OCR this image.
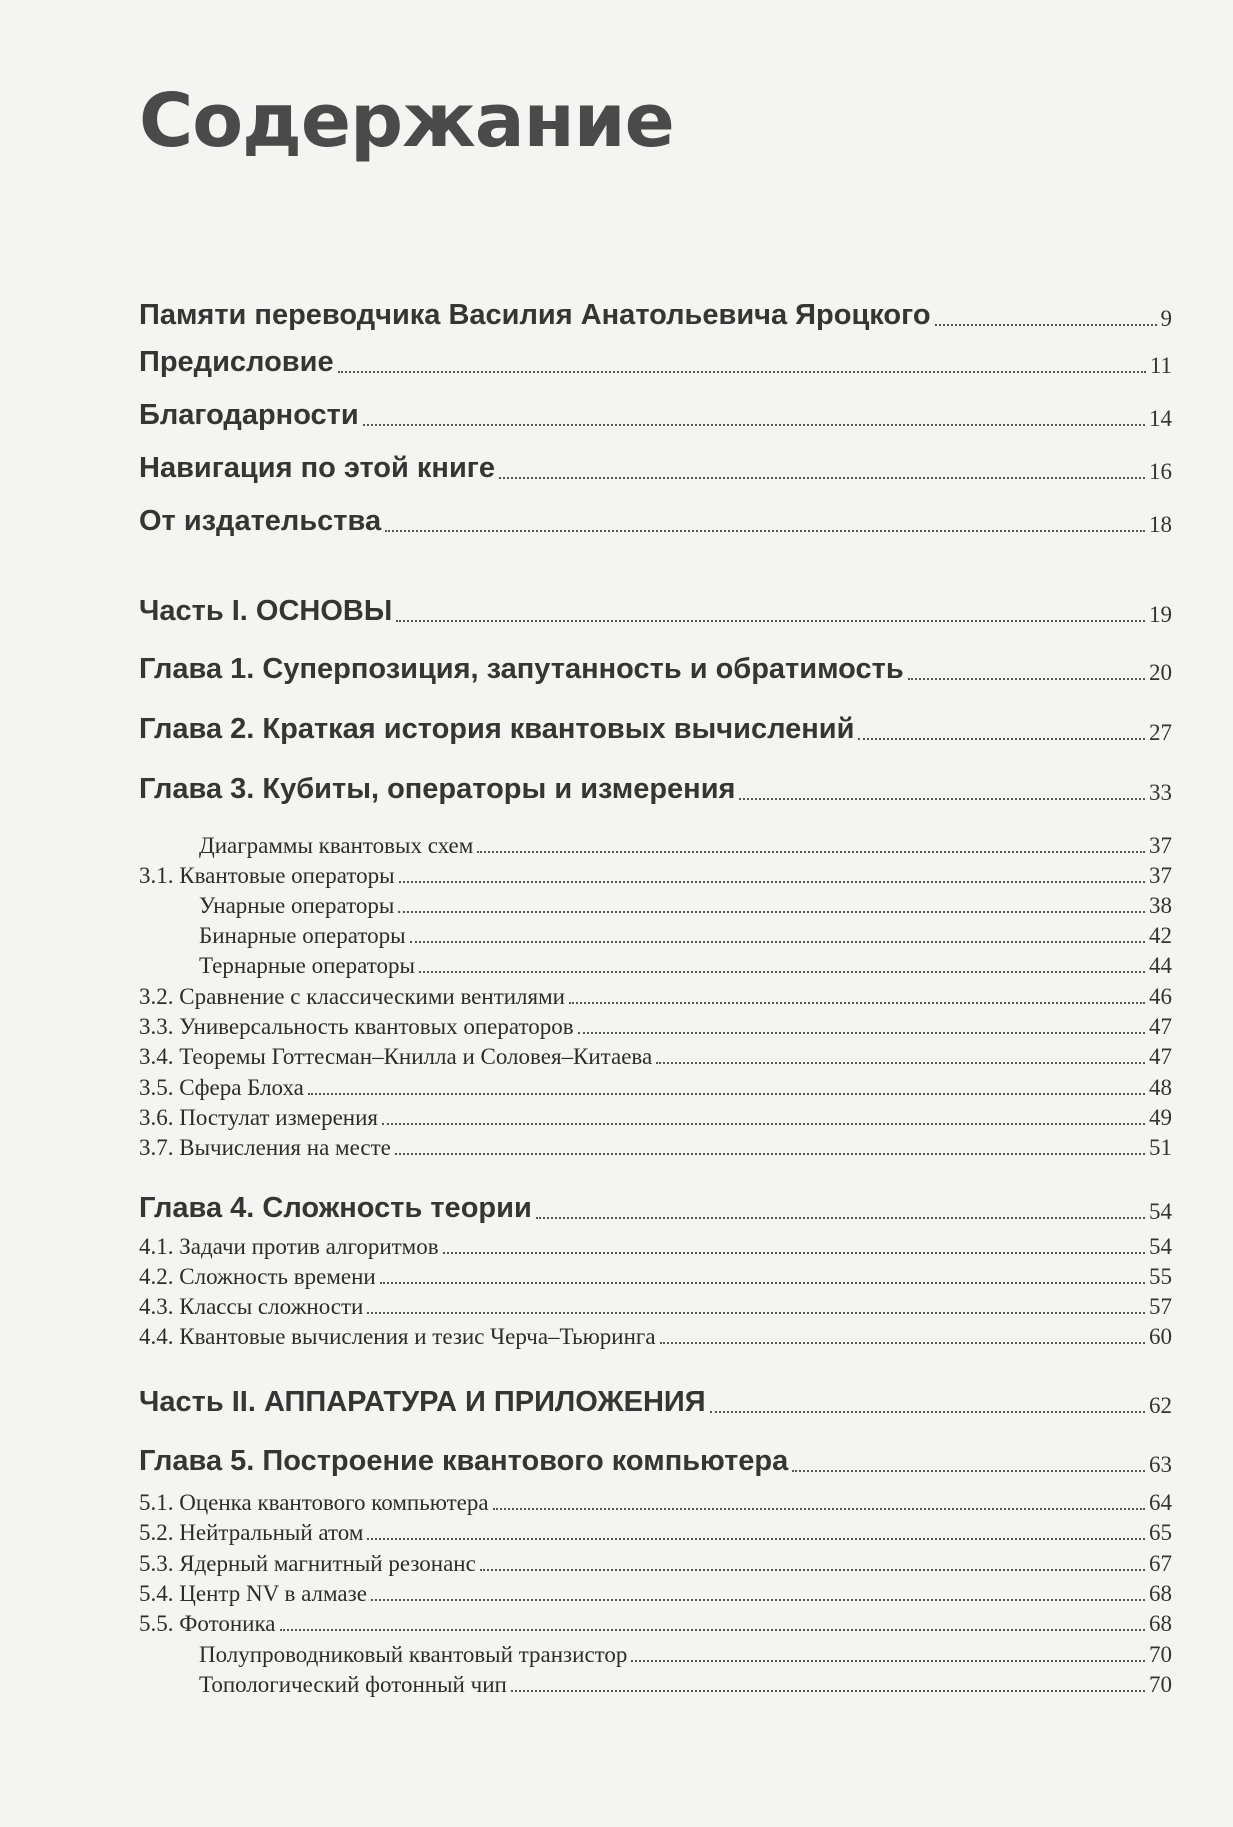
Содержание
Памяти переводчика Василия Анатольевича Яроцкого	9
Предисловие	11
Благодарности	14
Навигация по этой книге	16
От издательства	18
Часть I. ОСНОВЫ	19
Глава 1. Суперпозиция, запутанность и обратимость	20
Глава 2. Краткая история квантовых вычислений	27
Глава 3. Кубиты, операторы и измерения	33
Диаграммы квантовых схем	37
3.1. Квантовые операторы	37
Унарные операторы	38
Бинарные операторы	42
Тернарные операторы	44
3.2. Сравнение с классическими вентилями	46
3.3. Универсальность квантовых операторов	47
3.4. Теоремы Готтесман–Книлла и Соловея–Китаева	47
3.5. Сфера Блоха	48
3.6. Постулат измерения	49
3.7. Вычисления на месте	51
Глава 4. Сложность теории	54
4.1. Задачи против алгоритмов	54
4.2. Сложность времени	55
4.3. Классы сложности	57
4.4. Квантовые вычисления и тезис Черча–Тьюринга	60
Часть II. АППАРАТУРА И ПРИЛОЖЕНИЯ	62
Глава 5. Построение квантового компьютера	63
5.1. Оценка квантового компьютера	64
5.2. Нейтральный атом	65
5.3. Ядерный магнитный резонанс	67
5.4. Центр NV в алмазе	68
5.5. Фотоника	68
Полупроводниковый квантовый транзистор	70
Топологический фотонный чип	70
